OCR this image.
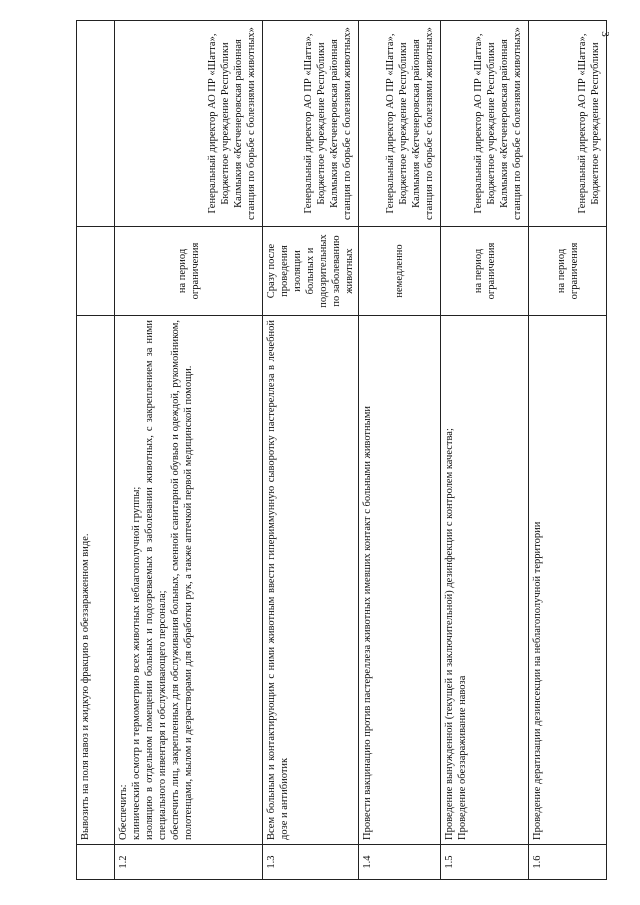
3

	Вывозить на поля навоз и жидкую фракцию в обеззараженном виде.		

1.2	Обеспечить: клинический осмотр и термометрию всех животных неблагополучной группы; изоляцию в отдельном помещении больных и подозреваемых в заболевании животных, с закреплением за ними специального инвентаря и обслуживающего персонала; обеспечить лиц, закрепленных для обслуживания больных, сменной санитарной обувью и одеждой, рукомойником, полотенцами, мылом и дезрастворами для обработки рук, а также аптечкой первой медицинской помощи.	на период ограничения	Генеральный директор АО ПР «Шатта», Бюджетное учреждение Республики Калмыкия «Кетченеровская районная станция по борьбе с болезнями животных»
1.3	Всем больным и контактирующим с ними животным ввести гипериммунную сыворотку пастереллеза в лечебной дозе и антибиотик	Сразу после проведения изоляции больных и подозрительных по заболеванию животных	Генеральный директор АО ПР «Шатта», Бюджетное учреждение Республики Калмыкия «Кетченеровская районная станция по борьбе с болезнями животных»
1.4	Провести вакцинацию против пастереллеза животных имевших контакт с больными животными	немедленно	Генеральный директор АО ПР «Шатта», Бюджетное учреждение Республики Калмыкия «Кетченеровская районная станция по борьбе с болезнями животных»
1.5	Проведение вынужденной (текущей и заключительной) дезинфекции с контролем качества; Проведение обеззараживание навоза	на период ограничения	Генеральный директор АО ПР «Шатта», Бюджетное учреждение Республики Калмыкия «Кетченеровская районная станция по борьбе с болезнями животных»
1.6	Проведение дератизации дезинсекции на неблагополучной территории	на период ограничения	Генеральный директор АО ПР «Шатта», Бюджетное учреждение Республики
